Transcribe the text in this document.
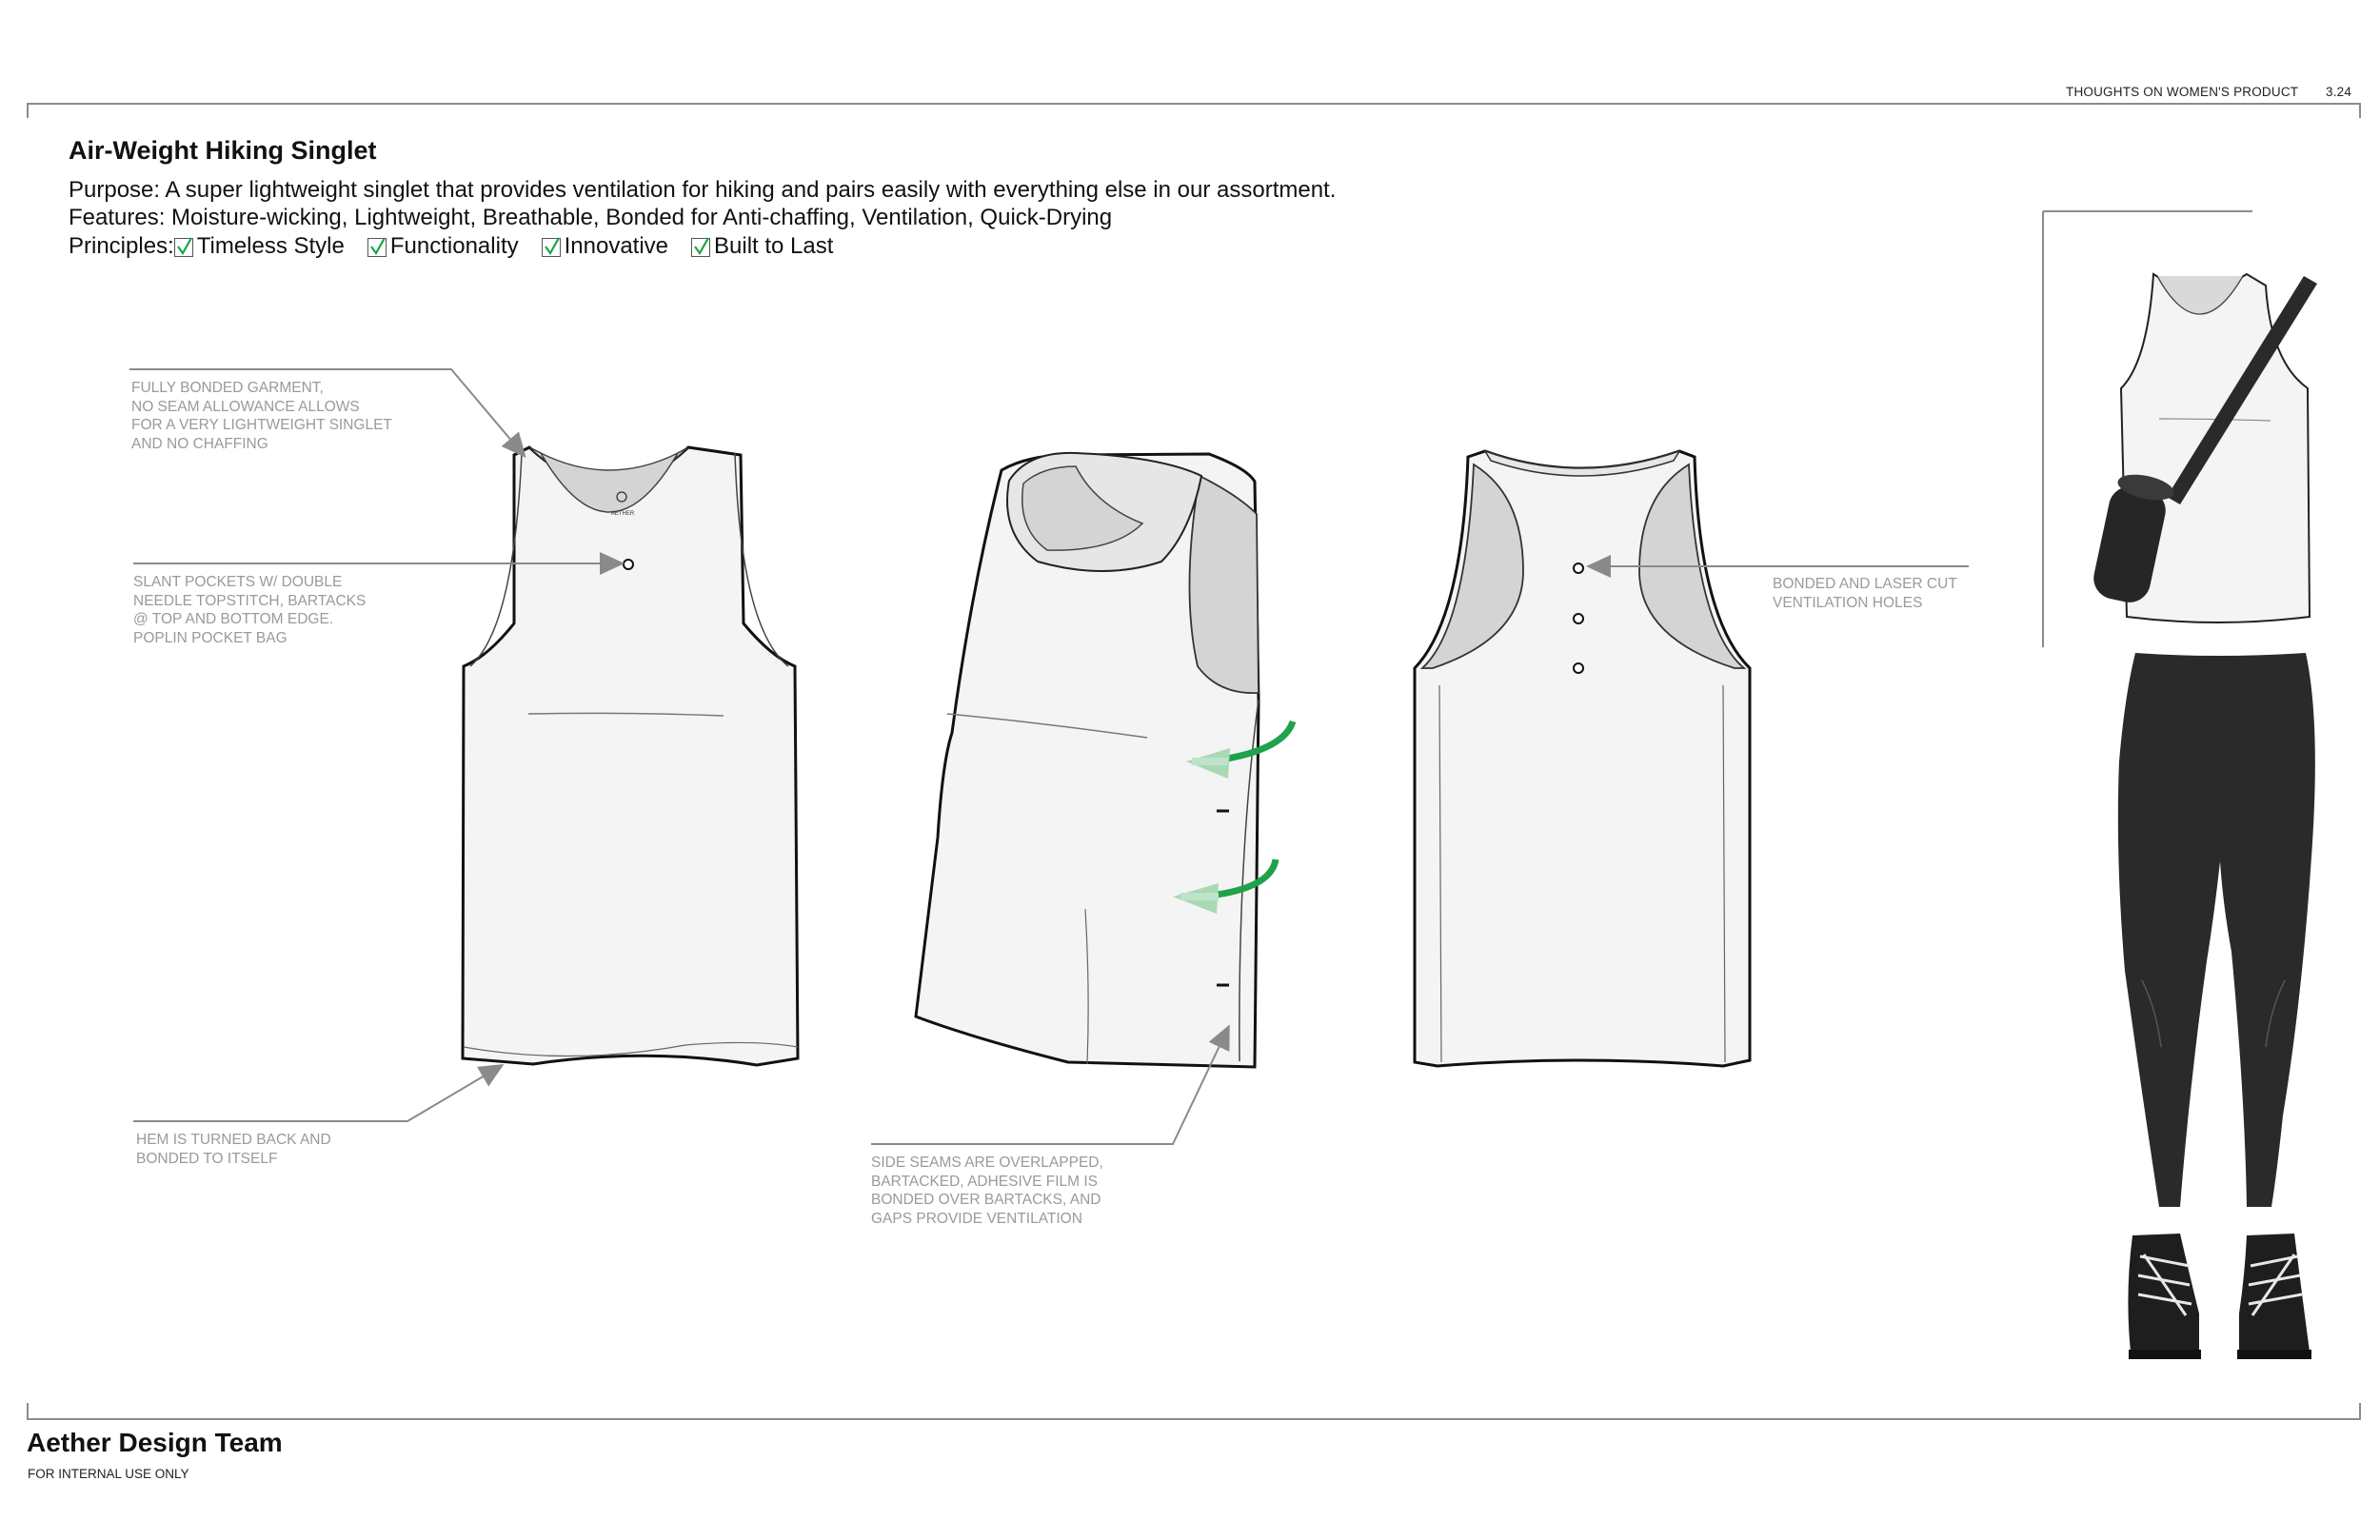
THOUGHTS ON WOMEN'S PRODUCT 3.24
Air-Weight Hiking Singlet
Purpose: A super lightweight singlet that provides ventilation for hiking and pairs easily with everything else in our assortment.
Features: Moisture-wicking, Lightweight, Breathable, Bonded for Anti-chaffing, Ventilation, Quick-Drying
Principles: Timeless Style Functionality Innovative Built to Last
FULLY BONDED GARMENT,
NO SEAM ALLOWANCE ALLOWS
FOR A VERY LIGHTWEIGHT SINGLET
AND NO CHAFFING
SLANT POCKETS W/ DOUBLE
NEEDLE TOPSTITCH, BARTACKS
@ TOP AND BOTTOM EDGE.
POPLIN POCKET BAG
HEM IS TURNED BACK AND
BONDED TO ITSELF	SIDE SEAMS ARE OVERLAPPED,
BARTACKED, ADHESIVE FILM IS
BONDED OVER BARTACKS, AND
GAPS PROVIDE VENTILATION
BONDED AND LASER CUT
VENTILATION HOLES
AETHER
Aether Design Team
FOR INTERNAL USE ONLY
